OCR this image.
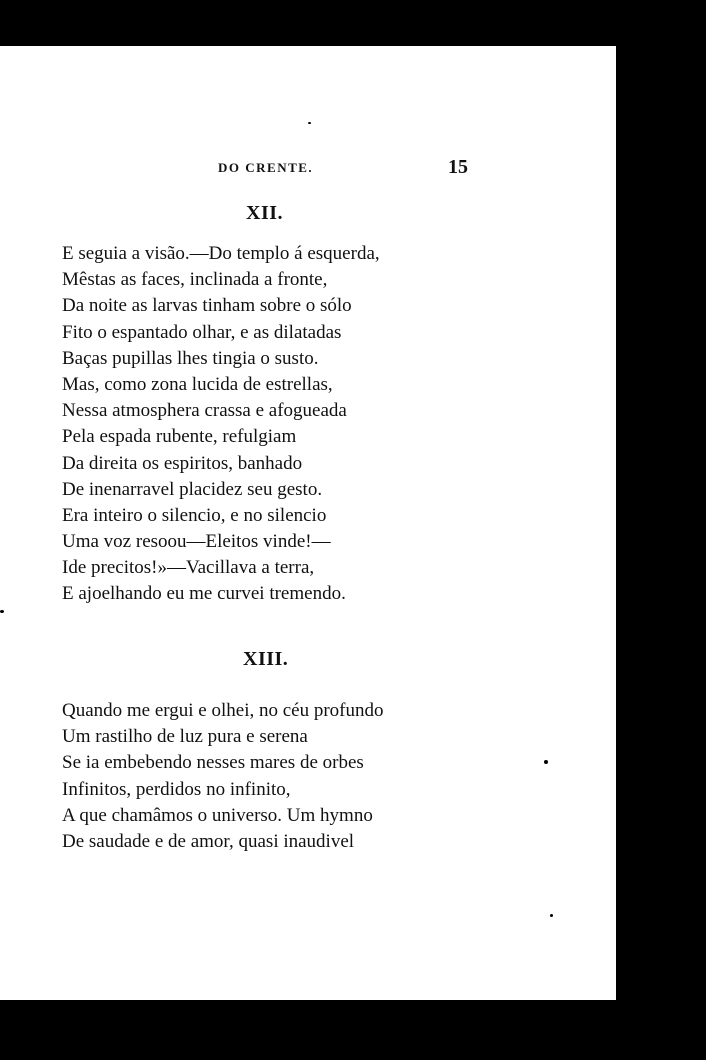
DO CRENTE.	15
XII.
E seguia a visão.—Do templo á esquerda,
Mêstas as faces, inclinada a fronte,
Da noite as larvas tinham sobre o sólo
Fito o espantado olhar, e as dilatadas
Baças pupillas lhes tingia o susto.
Mas, como zona lucida de estrellas,
Nessa atmosphera crassa e afogueada
Pela espada rubente, refulgiam
Da direita os espiritos, banhado
De inenarravel placidez seu gesto.
Era inteiro o silencio, e no silencio
Uma voz resoou—Eleitos vinde!—
Ide precitos!»—Vacillava a terra,
E ajoelhando eu me curvei tremendo.
XIII.
Quando me ergui e olhei, no céu profundo
Um rastilho de luz pura e serena
Se ia embebendo nesses mares de orbes
Infinitos, perdidos no infinito,
A que chamâmos o universo. Um hymno
De saudade e de amor, quasi inaudivel
